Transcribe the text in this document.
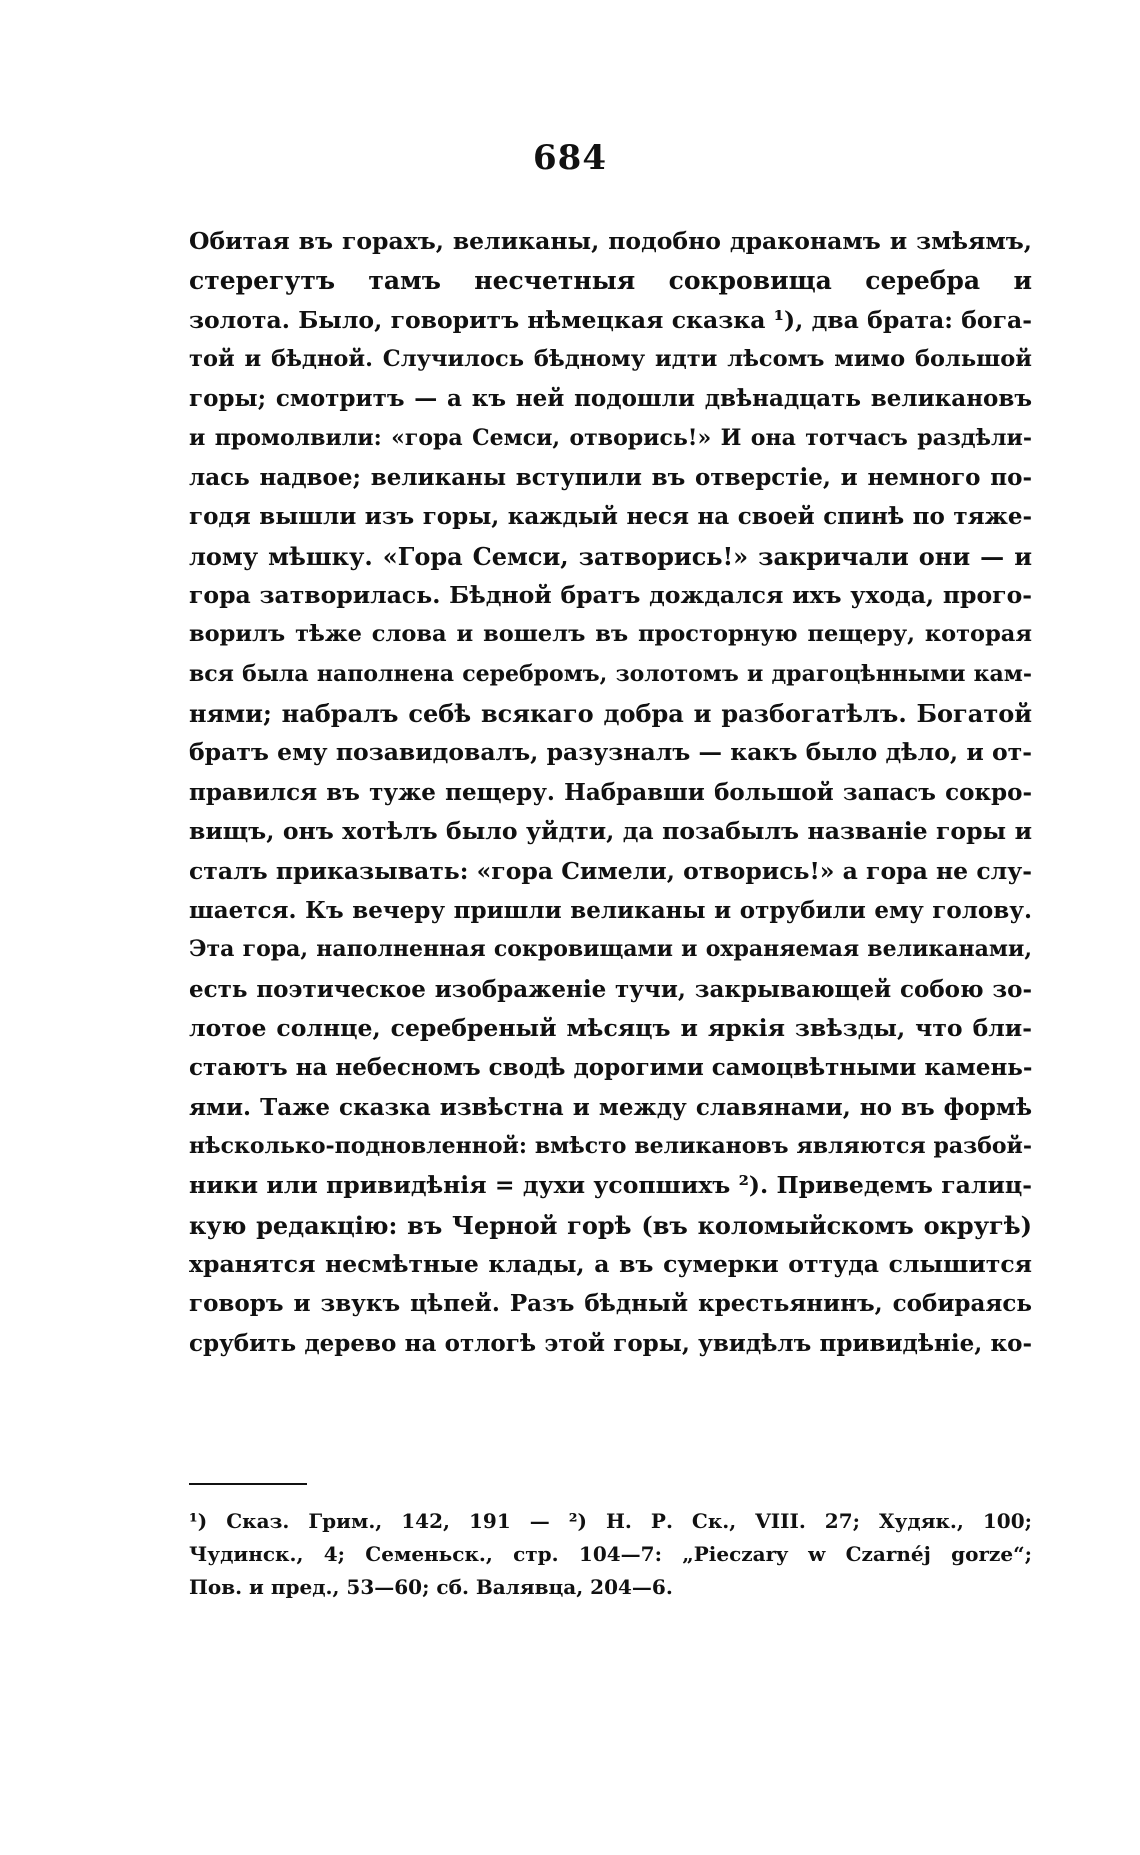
684
Обитая въ горахъ, великаны, подобно драконамъ и змѣямъ,
стерегутъ тамъ несчетныя сокровища серебра и
золота. Было, говоритъ нѣмецкая сказка ¹), два брата: бога-
той и бѣдной. Случилось бѣдному идти лѣсомъ мимо большой
горы; смотритъ — а къ ней подошли двѣнадцать великановъ
и промолвили: «гора Семси, отворись!» И она тотчасъ раздѣли-
лась надвое; великаны вступили въ отверстіе, и немного по-
годя вышли изъ горы, каждый неся на своей спинѣ по тяже-
лому мѣшку. «Гора Семси, затворись!» закричали они — и
гора затворилась. Бѣдной братъ дождался ихъ ухода, прого-
ворилъ тѣже слова и вошелъ въ просторную пещеру, которая
вся была наполнена серебромъ, золотомъ и драгоцѣнными кам-
нями; набралъ себѣ всякаго добра и разбогатѣлъ. Богатой
братъ ему позавидовалъ, разузналъ — какъ было дѣло, и от-
правился въ туже пещеру. Набравши большой запасъ сокро-
вищъ, онъ хотѣлъ было уйдти, да позабылъ названіе горы и
сталъ приказывать: «гора Симели, отворись!» а гора не слу-
шается. Къ вечеру пришли великаны и отрубили ему голову.
Эта гора, наполненная сокровищами и охраняемая великанами,
есть поэтическое изображеніе тучи, закрывающей собою зо-
лотое солнце, серебреный мѣсяцъ и яркія звѣзды, что бли-
стаютъ на небесномъ сводѣ дорогими самоцвѣтными камень-
ями. Таже сказка извѣстна и между славянами, но въ формѣ
нѣсколько-подновленной: вмѣсто великановъ являются разбой-
ники или привидѣнія = духи усопшихъ ²). Приведемъ галиц-
кую редакцію: въ Черной горѣ (въ коломыйскомъ округѣ)
хранятся несмѣтные клады, а въ сумерки оттуда слышится
говоръ и звукъ цѣпей. Разъ бѣдный крестьянинъ, собираясь
срубить дерево на отлогѣ этой горы, увидѣлъ привидѣніе, ко-
¹) Сказ. Грим., 142, 191 — ²) Н. Р. Ск., VIII. 27; Худяк., 100;
Чудинск., 4; Семеньск., стр. 104—7: „Pieczary w Czarnéj gorze“;
Пов. и пред., 53—60; сб. Валявца, 204—6.
